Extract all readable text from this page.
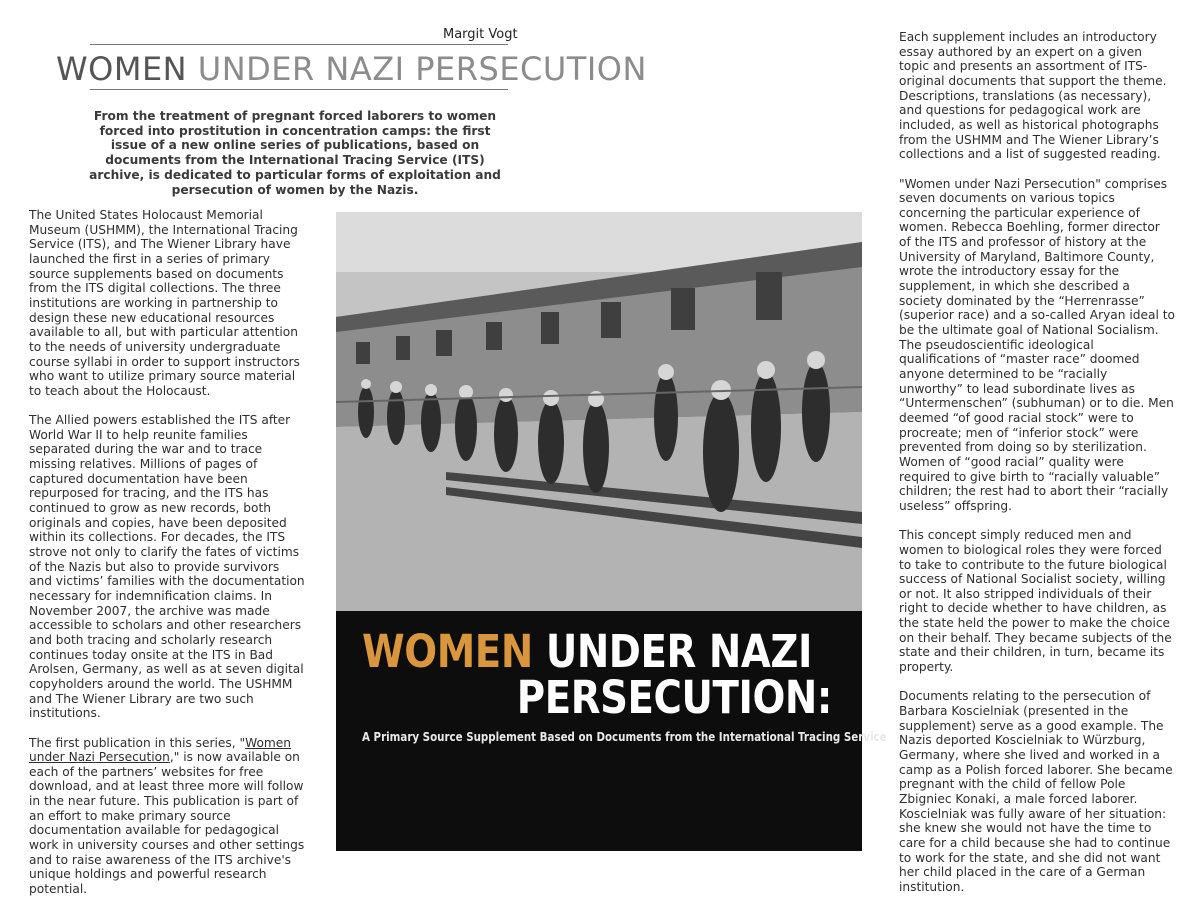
Margit Vogt
WOMEN UNDER NAZI PERSECUTION
From the treatment of pregnant forced laborers to women forced into prostitution in concentration camps: the first issue of a new online series of publications, based on documents from the International Tracing Service (ITS) archive, is dedicated to particular forms of exploitation and persecution of women by the Nazis.

The United States Holocaust Memorial Museum (USHMM), the International Tracing Service (ITS), and The Wiener Library have launched the first in a series of primary source supplements based on documents from the ITS digital collections. The three institutions are working in partnership to design these new educational resources available to all, but with particular attention to the needs of university undergraduate course syllabi in order to support instructors who want to utilize primary source material to teach about the Holocaust.

The Allied powers established the ITS after World War II to help reunite families separated during the war and to trace missing relatives. Millions of pages of captured documentation have been repurposed for tracing, and the ITS has continued to grow as new records, both originals and copies, have been deposited within its collections. For decades, the ITS strove not only to clarify the fates of victims of the Nazis but also to provide survivors and victims’ families with the documentation necessary for indemnification claims. In November 2007, the archive was made accessible to scholars and other researchers and both tracing and scholarly research continues today onsite at the ITS in Bad Arolsen, Germany, as well as at seven digital copyholders around the world. The USHMM and The Wiener Library are two such institutions.

The first publication in this series, "Women under Nazi Persecution," is now available on each of the partners’ websites for free download, and at least three more will follow in the near future. This publication is part of an effort to make primary source documentation available for pedagogical work in university courses and other settings and to raise awareness of the ITS archive's unique holdings and powerful research potential.

WOMEN UNDER NAZI
PERSECUTION:
A Primary Source Supplement Based on Documents from the International Tracing Service

Each supplement includes an introductory essay authored by an expert on a given topic and presents an assortment of ITS-original documents that support the theme. Descriptions, translations (as necessary), and questions for pedagogical work are included, as well as historical photographs from the USHMM and The Wiener Library’s collections and a list of suggested reading.

"Women under Nazi Persecution" comprises seven documents on various topics concerning the particular experience of women. Rebecca Boehling, former director of the ITS and professor of history at the University of Maryland, Baltimore County, wrote the introductory essay for the supplement, in which she described a society dominated by the “Herrenrasse” (superior race) and a so-called Aryan ideal to be the ultimate goal of National Socialism. The pseudoscientific ideological qualifications of “master race” doomed anyone determined to be “racially unworthy” to lead subordinate lives as “Untermenschen” (subhuman) or to die. Men deemed “of good racial stock” were to procreate; men of “inferior stock” were prevented from doing so by sterilization. Women of “good racial” quality were required to give birth to “racially valuable” children; the rest had to abort their “racially useless” offspring.

This concept simply reduced men and women to biological roles they were forced to take to contribute to the future biological success of National Socialist society, willing or not. It also stripped individuals of their right to decide whether to have children, as the state held the power to make the choice on their behalf. They became subjects of the state and their children, in turn, became its property.

Documents relating to the persecution of Barbara Koscielniak (presented in the supplement) serve as a good example. The Nazis deported Koscielniak to Würzburg, Germany, where she lived and worked in a camp as a Polish forced laborer. She became pregnant with the child of fellow Pole Zbigniec Konaki, a male forced laborer. Koscielniak was fully aware of her situation: she knew she would not have the time to care for a child because she had to continue to work for the state, and she did not want her child placed in the care of a German institution.
